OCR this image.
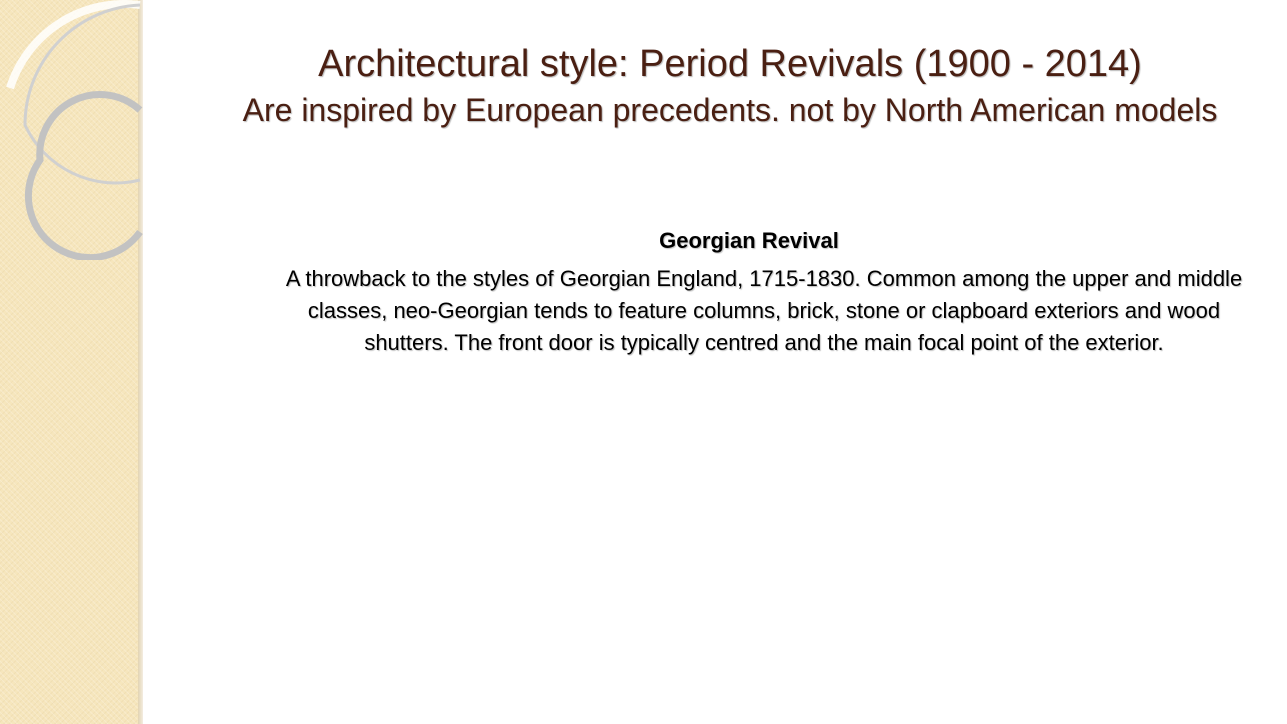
Architectural style: Period Revivals (1900 - 2014)
Are inspired by European precedents. not by North American models
Georgian Revival
A throwback to the styles of Georgian England, 1715-1830. Common among the upper and middle classes, neo-Georgian tends to feature columns, brick, stone or clapboard exteriors and wood shutters. The front door is typically centred and the main focal point of the exterior.
